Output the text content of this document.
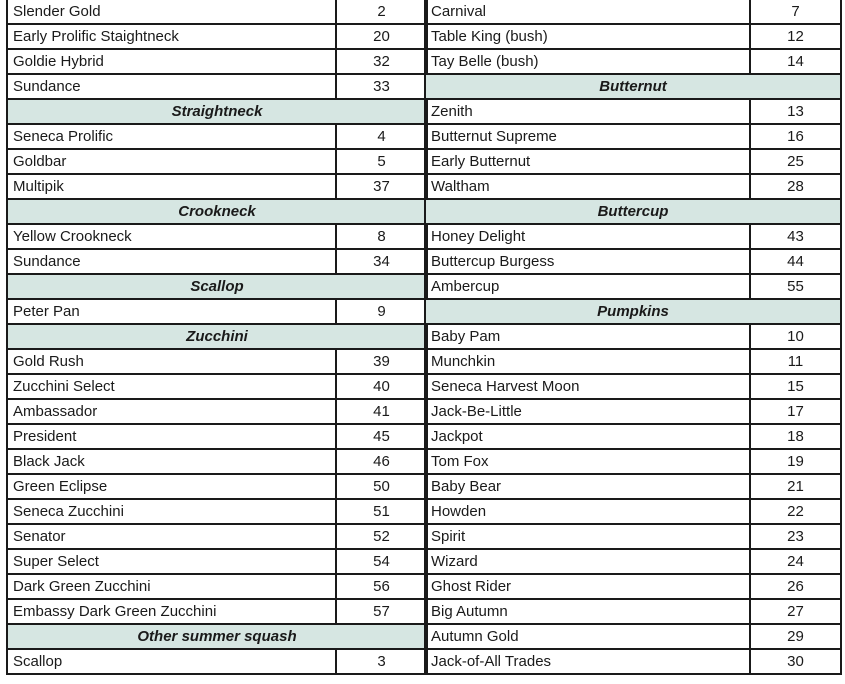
Slender Gold	2
Early Prolific Staightneck	20
Goldie Hybrid	32
Sundance	33
Straightneck	
Seneca Prolific	4
Goldbar	5
Multipik	37
Crookneck	
Yellow Crookneck	8
Sundance	34
Scallop	
Peter Pan	9
Zucchini	
Gold Rush	39
Zucchini Select	40
Ambassador	41
President	45
Black Jack	46
Green Eclipse	50
Seneca Zucchini	51
Senator	52
Super Select	54
Dark Green Zucchini	56
Embassy Dark Green Zucchini	57
Other summer squash	
Scallop	3
Carnival	7
Table King (bush)	12
Tay Belle (bush)	14
Butternut	
Zenith	13
Butternut Supreme	16
Early Butternut	25
Waltham	28
Buttercup	
Honey Delight	43
Buttercup Burgess	44
Ambercup	55
Pumpkins	
Baby Pam	10
Munchkin	11
Seneca Harvest Moon	15
Jack-Be-Little	17
Jackpot	18
Tom Fox	19
Baby Bear	21
Howden	22
Spirit	23
Wizard	24
Ghost Rider	26
Big Autumn	27
Autumn Gold	29
Jack-of-All Trades	30
